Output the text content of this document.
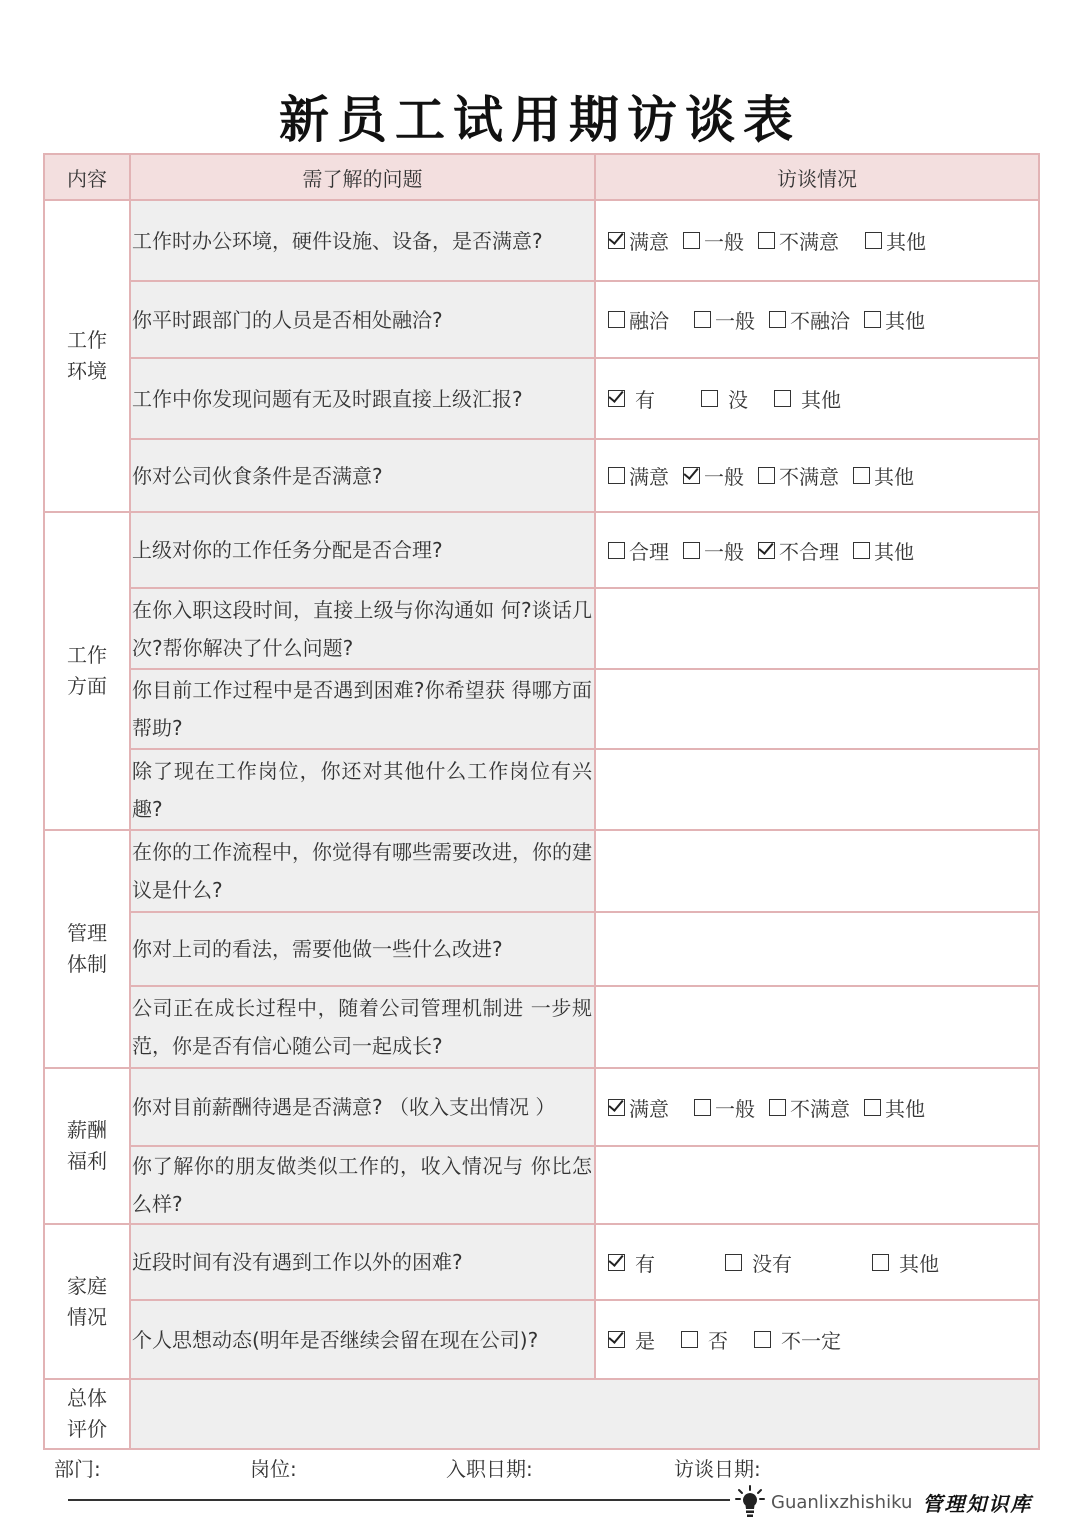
新员工试用期访谈表
内容	需了解的问题	访谈情况

工作
环境	工作时办公环境，硬件设施、设备，是否满意?	满意 一般 不满意 其他

	你平时跟部门的人员是否相处融洽?	融洽 一般 不融洽 其他

	工作中你发现问题有无及时跟直接上级汇报?	有 没 其他

	你对公司伙食条件是否满意?	满意 一般 不满意 其他

工作
方面	上级对你的工作任务分配是否合理?	合理 一般 不合理 其他

	在你入职这段时间，直接上级与你沟通如 何?谈话几次?帮你解决了什么问题?	
	你目前工作过程中是否遇到困难?你希望获 得哪方面帮助?	
	除了现在工作岗位，你还对其他什么工作岗位有兴趣?	

管理
体制	在你的工作流程中，你觉得有哪些需要改进，你的建议是什么?	
	你对上司的看法，需要他做一些什么改进?	
	公司正在成长过程中，随着公司管理机制进 一步规范，你是否有信心随公司一起成长?	

薪酬
福利	你对目前薪酬待遇是否满意? （收入支出情况 ）	满意 一般 不满意 其他

	你了解你的朋友做类似工作的，收入情况与 你比怎么样?	

家庭
情况	近段时间有没有遇到工作以外的困难?	有 没有 其他

	个人思想动态(明年是否继续会留在现在公司)?	是 否 不一定

总体
评价		

部门:	岗位:	入职日期:	访谈日期:
Guanlixzhishiku 管理知识库
